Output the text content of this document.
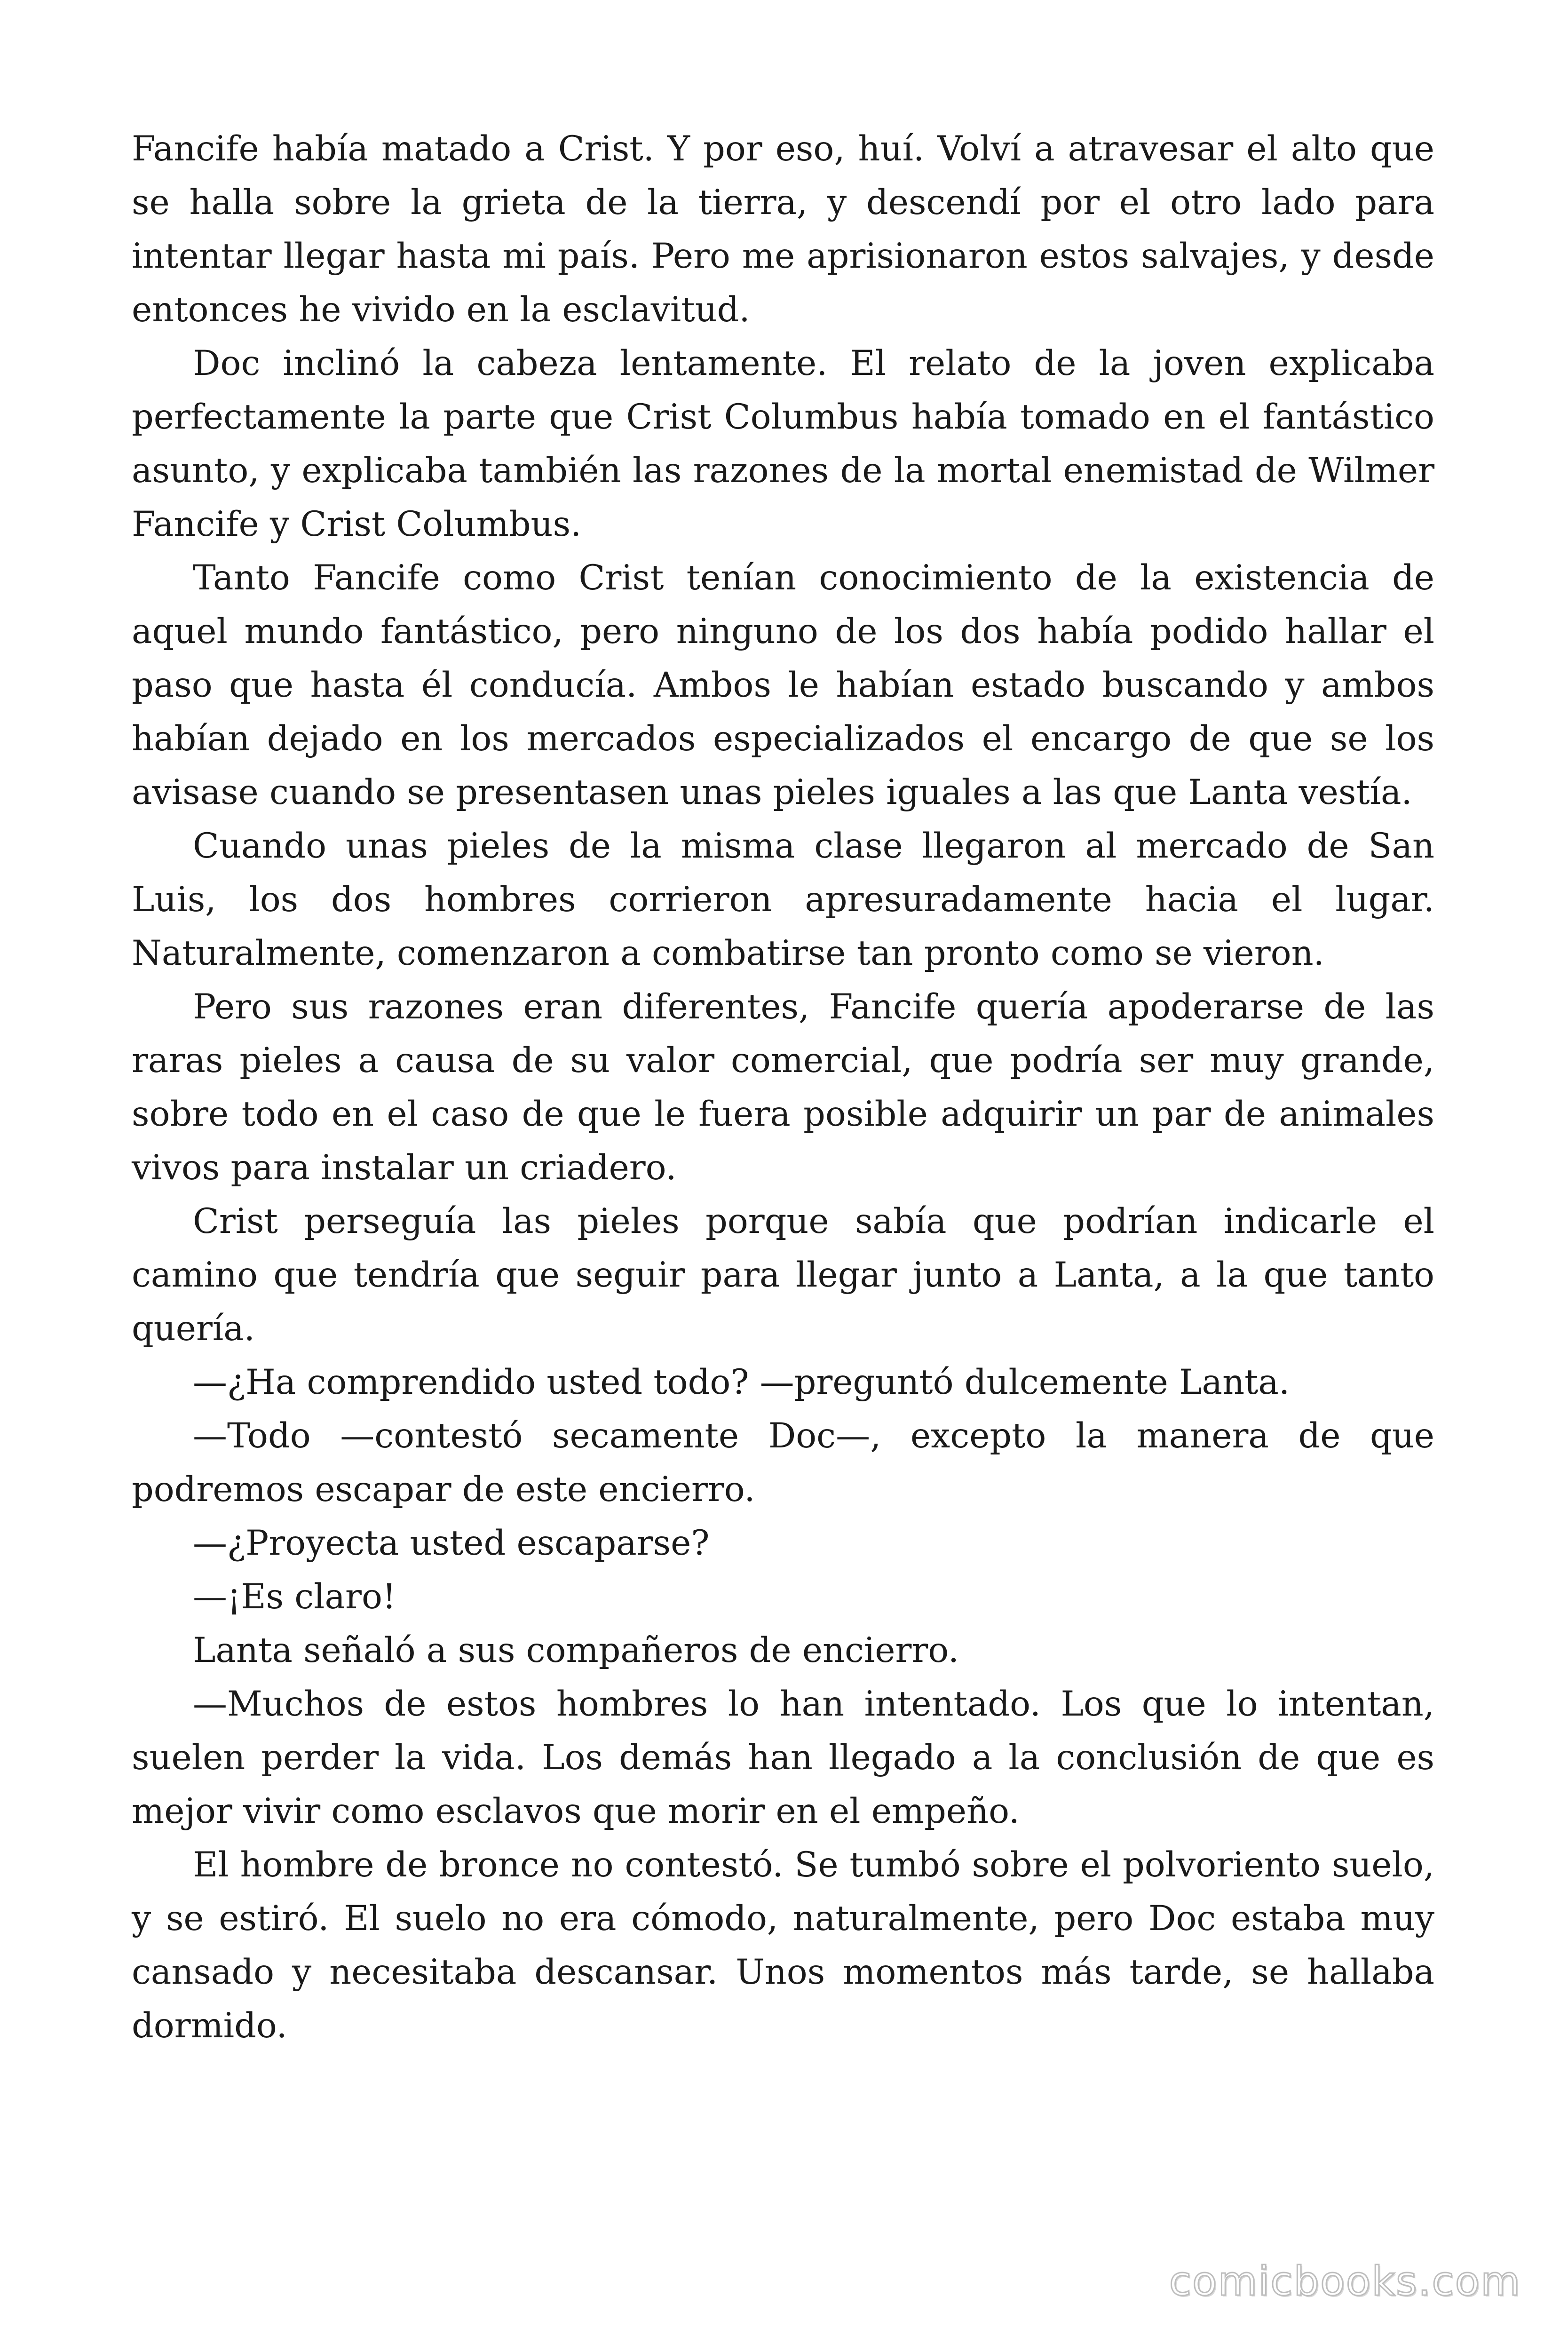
Fancife había matado a Crist. Y por eso, huí. Volví a atravesar el alto que se halla sobre la grieta de la tierra, y descendí por el otro lado para intentar llegar hasta mi país. Pero me aprisionaron estos salvajes, y desde entonces he vivido en la esclavitud.

Doc inclinó la cabeza lentamente. El relato de la joven explicaba perfectamente la parte que Crist Columbus había tomado en el fantástico asunto, y explicaba también las razones de la mortal enemistad de Wilmer Fancife y Crist Columbus.

Tanto Fancife como Crist tenían conocimiento de la existencia de aquel mundo fantástico, pero ninguno de los dos había podido hallar el paso que hasta él conducía. Ambos le habían estado buscando y ambos habían dejado en los mercados especializados el encargo de que se los avisase cuando se presentasen unas pieles iguales a las que Lanta vestía.

Cuando unas pieles de la misma clase llegaron al mercado de San Luis, los dos hombres corrieron apresuradamente hacia el lugar. Naturalmente, comenzaron a combatirse tan pronto como se vieron.

Pero sus razones eran diferentes, Fancife quería apoderarse de las raras pieles a causa de su valor comercial, que podría ser muy grande, sobre todo en el caso de que le fuera posible adquirir un par de animales vivos para instalar un criadero.

Crist perseguía las pieles porque sabía que podrían indicarle el camino que tendría que seguir para llegar junto a Lanta, a la que tanto quería.

—¿Ha comprendido usted todo? —preguntó dulcemente Lanta.

—Todo —contestó secamente Doc—, excepto la manera de que podremos escapar de este encierro.

—¿Proyecta usted escaparse?

—¡Es claro!

Lanta señaló a sus compañeros de encierro.

—Muchos de estos hombres lo han intentado. Los que lo intentan, suelen perder la vida. Los demás han llegado a la conclusión de que es mejor vivir como esclavos que morir en el empeño.

El hombre de bronce no contestó. Se tumbó sobre el polvoriento suelo, y se estiró. El suelo no era cómodo, naturalmente, pero Doc estaba muy cansado y necesitaba descansar. Unos momentos más tarde, se hallaba dormido.

comicbooks.com
